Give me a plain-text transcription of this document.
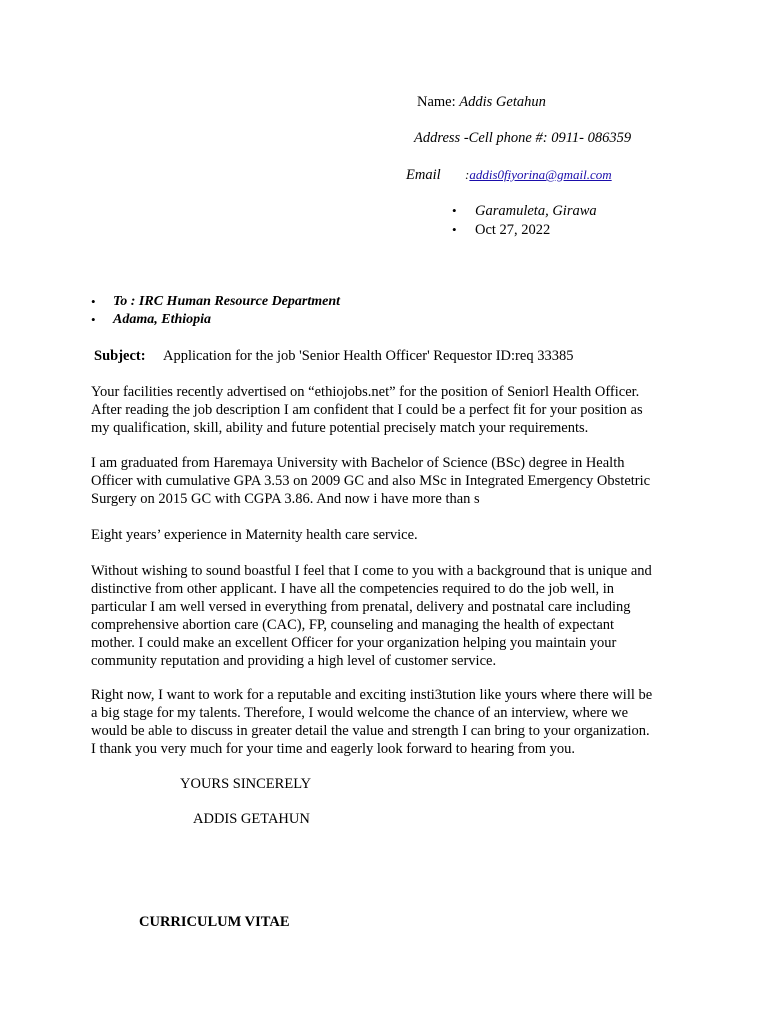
Name: Addis Getahun
Address -Cell phone #: 0911- 086359
Email :addis0fiyorina@gmail.com
• Garamuleta, Girawa
• Oct 27, 2022
• To : IRC Human Resource Department
• Adama, Ethiopia
Subject: Application for the job 'Senior Health Officer' Requestor ID:req 33385
Your facilities recently advertised on “ethiojobs.net” for the position of Seniorl Health Officer.
After reading the job description I am confident that I could be a perfect fit for your position as
my qualification, skill, ability and future potential precisely match your requirements.
I am graduated from Haremaya University with Bachelor of Science (BSc) degree in Health
Officer with cumulative GPA 3.53 on 2009 GC and also MSc in Integrated Emergency Obstetric
Surgery on 2015 GC with CGPA 3.86. And now i have more than s
Eight years’ experience in Maternity health care service.
Without wishing to sound boastful I feel that I come to you with a background that is unique and
distinctive from other applicant. I have all the competencies required to do the job well, in
particular I am well versed in everything from prenatal, delivery and postnatal care including
comprehensive abortion care (CAC), FP, counseling and managing the health of expectant
mother. I could make an excellent Officer for your organization helping you maintain your
community reputation and providing a high level of customer service.
Right now, I want to work for a reputable and exciting insti3tution like yours where there will be
a big stage for my talents. Therefore, I would welcome the chance of an interview, where we
would be able to discuss in greater detail the value and strength I can bring to your organization.
I thank you very much for your time and eagerly look forward to hearing from you.
YOURS SINCERELY
ADDIS GETAHUN
CURRICULUM VITAE
